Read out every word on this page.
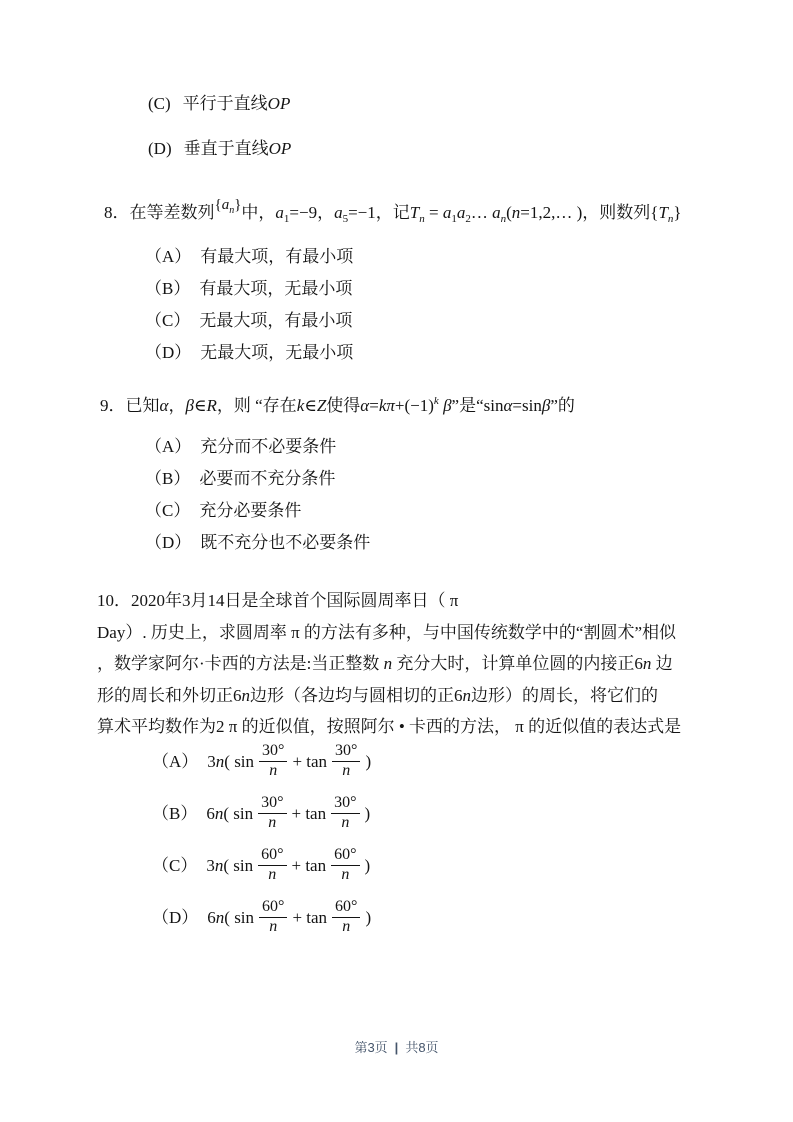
(C) 平行于直线OP
(D) 垂直于直线OP
8．在等差数列$\{a^n\}$中，$a_1=-9$，$a_5=-1$，记$T_n$ = $a_1a_2\dots$ $a_n(n=1,2,\dots$ )，则数列$\{T_n\}$
（A） 有最大项，有最小项
（B） 有最大项，无最小项
（C） 无最大项，有最小项
（D） 无最大项，无最小项
9．已知α，β∈R，则 “存在k∈Z使得$\alpha=k\pi+(-1)^k$ β”是“sinα=sinβ”的
（A） 充分而不必要条件
（B） 必要而不充分条件
（C） 充分必要条件
（D） 既不充分也不必要条件
10．2020年3月14日是全球首个国际圆周率日（ π
Day）. 历史上，求圆周率 π 的方法有多种，与中国传统数学中的“割圆术”相似
，数学家阿尔·卡西的方法是:当正整数 n 充分大时，计算单位圆的内接正6n 边
形的周长和外切正6n边形（各边均与圆相切的正6n边形）的周长，将它们的
算术平均数作为2 π 的近似值，按照阿尔 • 卡西的方法， π 的近似值的表达式是
（A） 3n( $\sin \frac{30^\circ}{n} + \tan \frac{30^\circ}{n}$ )
（B） 6n( $\sin \frac{30^\circ}{n} + \tan \frac{30^\circ}{n}$ )
（C） 3n( $\sin \frac{60^\circ}{n} + \tan \frac{60^\circ}{n}$ )
（D） 6n( $\sin \frac{60^\circ}{n} + \tan \frac{60^\circ}{n}$ )
第3页 | 共8页
